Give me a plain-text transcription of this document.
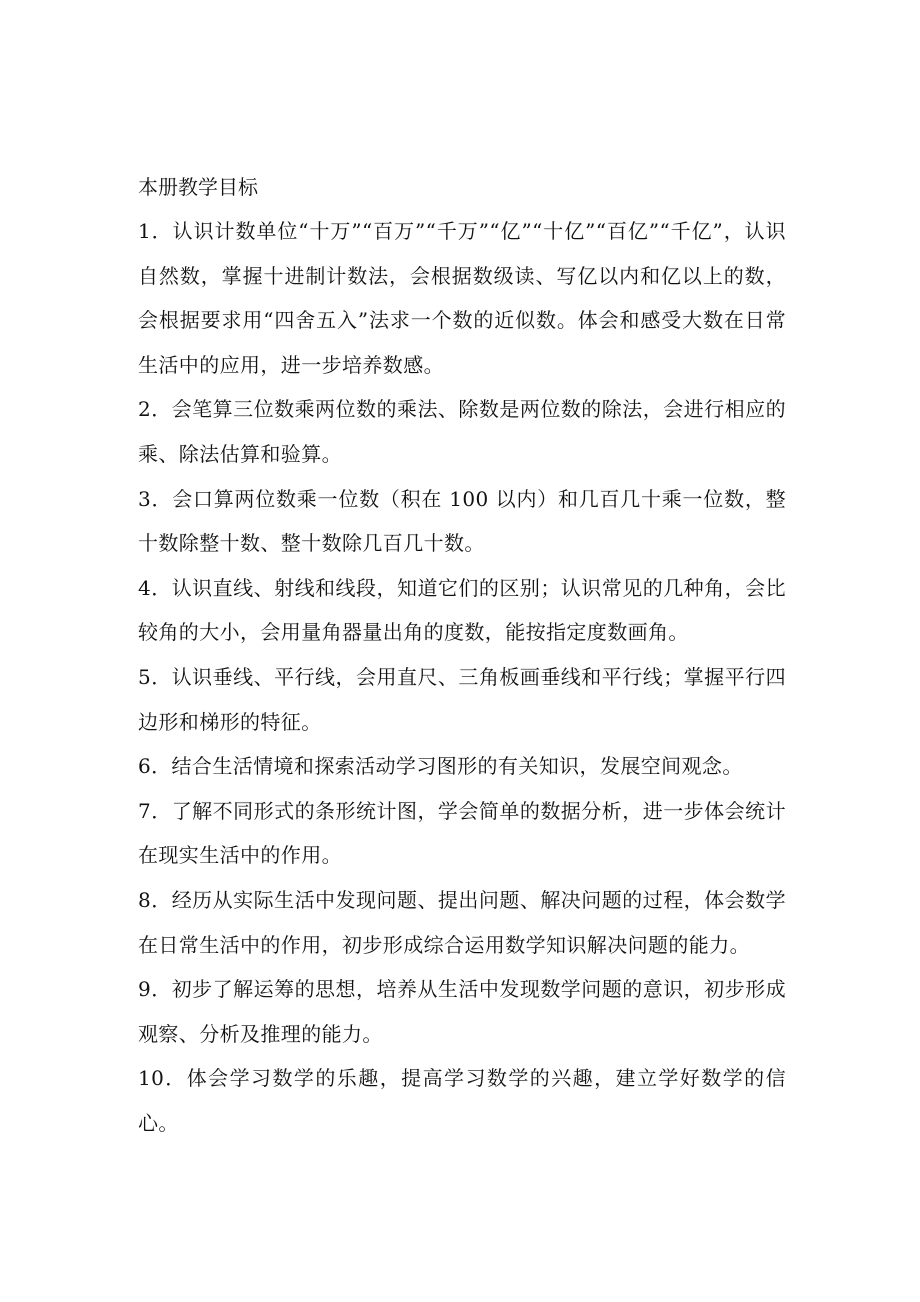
本册教学目标

1．认识计数单位“十万”“百万”“千万”“亿”“十亿”“百亿”“千亿”，认识自然数，掌握十进制计数法，会根据数级读、写亿以内和亿以上的数，会根据要求用“四舍五入”法求一个数的近似数。体会和感受大数在日常生活中的应用，进一步培养数感。

2．会笔算三位数乘两位数的乘法、除数是两位数的除法，会进行相应的乘、除法估算和验算。

3．会口算两位数乘一位数（积在 100 以内）和几百几十乘一位数，整十数除整十数、整十数除几百几十数。

4．认识直线、射线和线段，知道它们的区别；认识常见的几种角，会比较角的大小，会用量角器量出角的度数，能按指定度数画角。

5．认识垂线、平行线，会用直尺、三角板画垂线和平行线；掌握平行四边形和梯形的特征。

6．结合生活情境和探索活动学习图形的有关知识，发展空间观念。

7．了解不同形式的条形统计图，学会简单的数据分析，进一步体会统计在现实生活中的作用。

8．经历从实际生活中发现问题、提出问题、解决问题的过程，体会数学在日常生活中的作用，初步形成综合运用数学知识解决问题的能力。

9．初步了解运筹的思想，培养从生活中发现数学问题的意识，初步形成观察、分析及推理的能力。

10．体会学习数学的乐趣，提高学习数学的兴趣，建立学好数学的信心。
